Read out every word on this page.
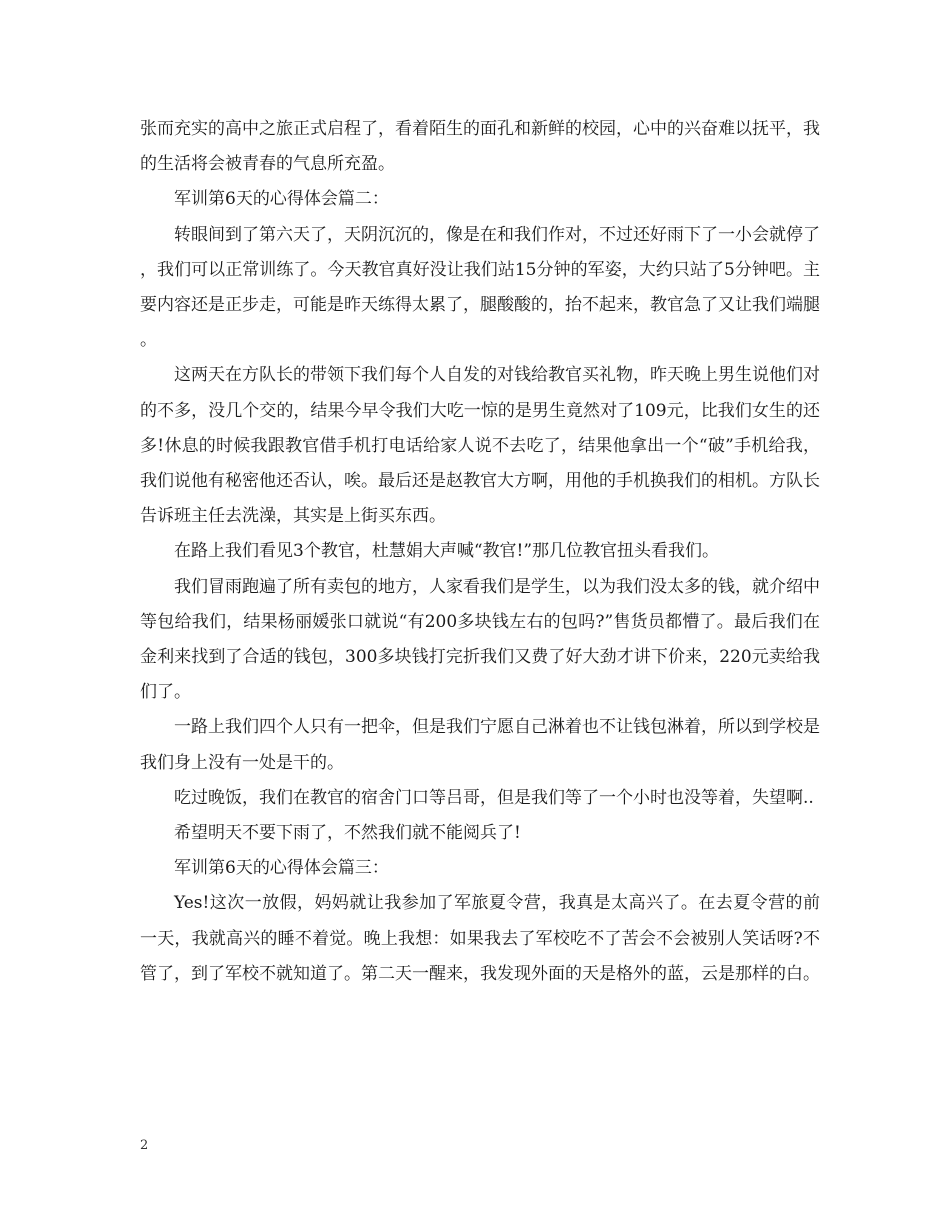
张而充实的高中之旅正式启程了，看着陌生的面孔和新鲜的校园，心中的兴奋难以抚平，我的生活将会被青春的气息所充盈。

军训第6天的心得体会篇二：

转眼间到了第六天了，天阴沉沉的，像是在和我们作对，不过还好雨下了一小会就停了，我们可以正常训练了。今天教官真好没让我们站15分钟的军姿，大约只站了5分钟吧。主要内容还是正步走，可能是昨天练得太累了，腿酸酸的，抬不起来，教官急了又让我们端腿。

这两天在方队长的带领下我们每个人自发的对钱给教官买礼物，昨天晚上男生说他们对的不多，没几个交的，结果今早令我们大吃一惊的是男生竟然对了109元，比我们女生的还多!休息的时候我跟教官借手机打电话给家人说不去吃了，结果他拿出一个“破”手机给我，我们说他有秘密他还否认，唉。最后还是赵教官大方啊，用他的手机换我们的相机。方队长告诉班主任去洗澡，其实是上街买东西。

在路上我们看见3个教官，杜慧娟大声喊“教官!”那几位教官扭头看我们。

我们冒雨跑遍了所有卖包的地方，人家看我们是学生，以为我们没太多的钱，就介绍中等包给我们，结果杨丽媛张口就说“有200多块钱左右的包吗?”售货员都懵了。最后我们在金利来找到了合适的钱包，300多块钱打完折我们又费了好大劲才讲下价来，220元卖给我们了。

一路上我们四个人只有一把伞，但是我们宁愿自己淋着也不让钱包淋着，所以到学校是我们身上没有一处是干的。

吃过晚饭，我们在教官的宿舍门口等吕哥，但是我们等了一个小时也没等着，失望啊..

希望明天不要下雨了，不然我们就不能阅兵了!

军训第6天的心得体会篇三：

Yes!这次一放假，妈妈就让我参加了军旅夏令营，我真是太高兴了。在去夏令营的前一天，我就高兴的睡不着觉。晚上我想：如果我去了军校吃不了苦会不会被别人笑话呀?不管了，到了军校不就知道了。第二天一醒来，我发现外面的天是格外的蓝，云是那样的白。

2
